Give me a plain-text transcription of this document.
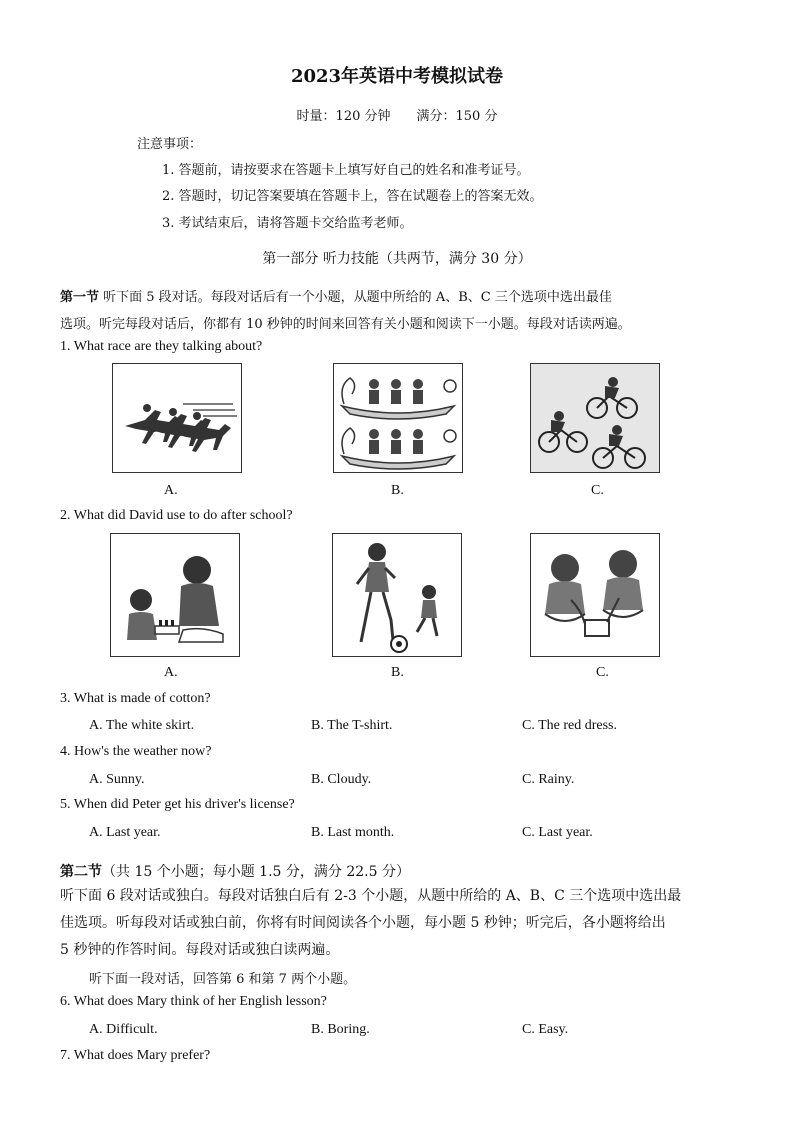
2023年英语中考模拟试卷
时量：120 分钟　　满分：150 分
注意事项：
1. 答题前，请按要求在答题卡上填写好自己的姓名和准考证号。
2. 答题时，切记答案要填在答题卡上，答在试题卷上的答案无效。
3. 考试结束后，请将答题卡交给监考老师。
第一部分 听力技能（共两节，满分 30 分）
第一节 听下面 5 段对话。每段对话后有一个小题，从题中所给的 A、B、C 三个选项中选出最佳
选项。听完每段对话后，你都有 10 秒钟的时间来回答有关小题和阅读下一小题。每段对话读两遍。
1. What race are they talking about?
A.	B.	C.
2. What did David use to do after school?
A.	B.	C.
3. What is made of cotton?
A. The white skirt.	B. The T-shirt.	C. The red dress.
4. How's the weather now?
A. Sunny.	B. Cloudy.	C. Rainy.
5. When did Peter get his driver's license?
A. Last year.	B. Last month.	C. Last year.
第二节（共 15 个小题；每小题 1.5 分，满分 22.5 分）
听下面 6 段对话或独白。每段对话独白后有 2-3 个小题，从题中所给的 A、B、C 三个选项中选出最
佳选项。听每段对话或独白前，你将有时间阅读各个小题，每小题 5 秒钟；听完后，各小题将给出
5 秒钟的作答时间。每段对话或独白读两遍。
听下面一段对话，回答第 6 和第 7 两个小题。
6. What does Mary think of her English lesson?
A. Difficult.	B. Boring.	C. Easy.
7. What does Mary prefer?
